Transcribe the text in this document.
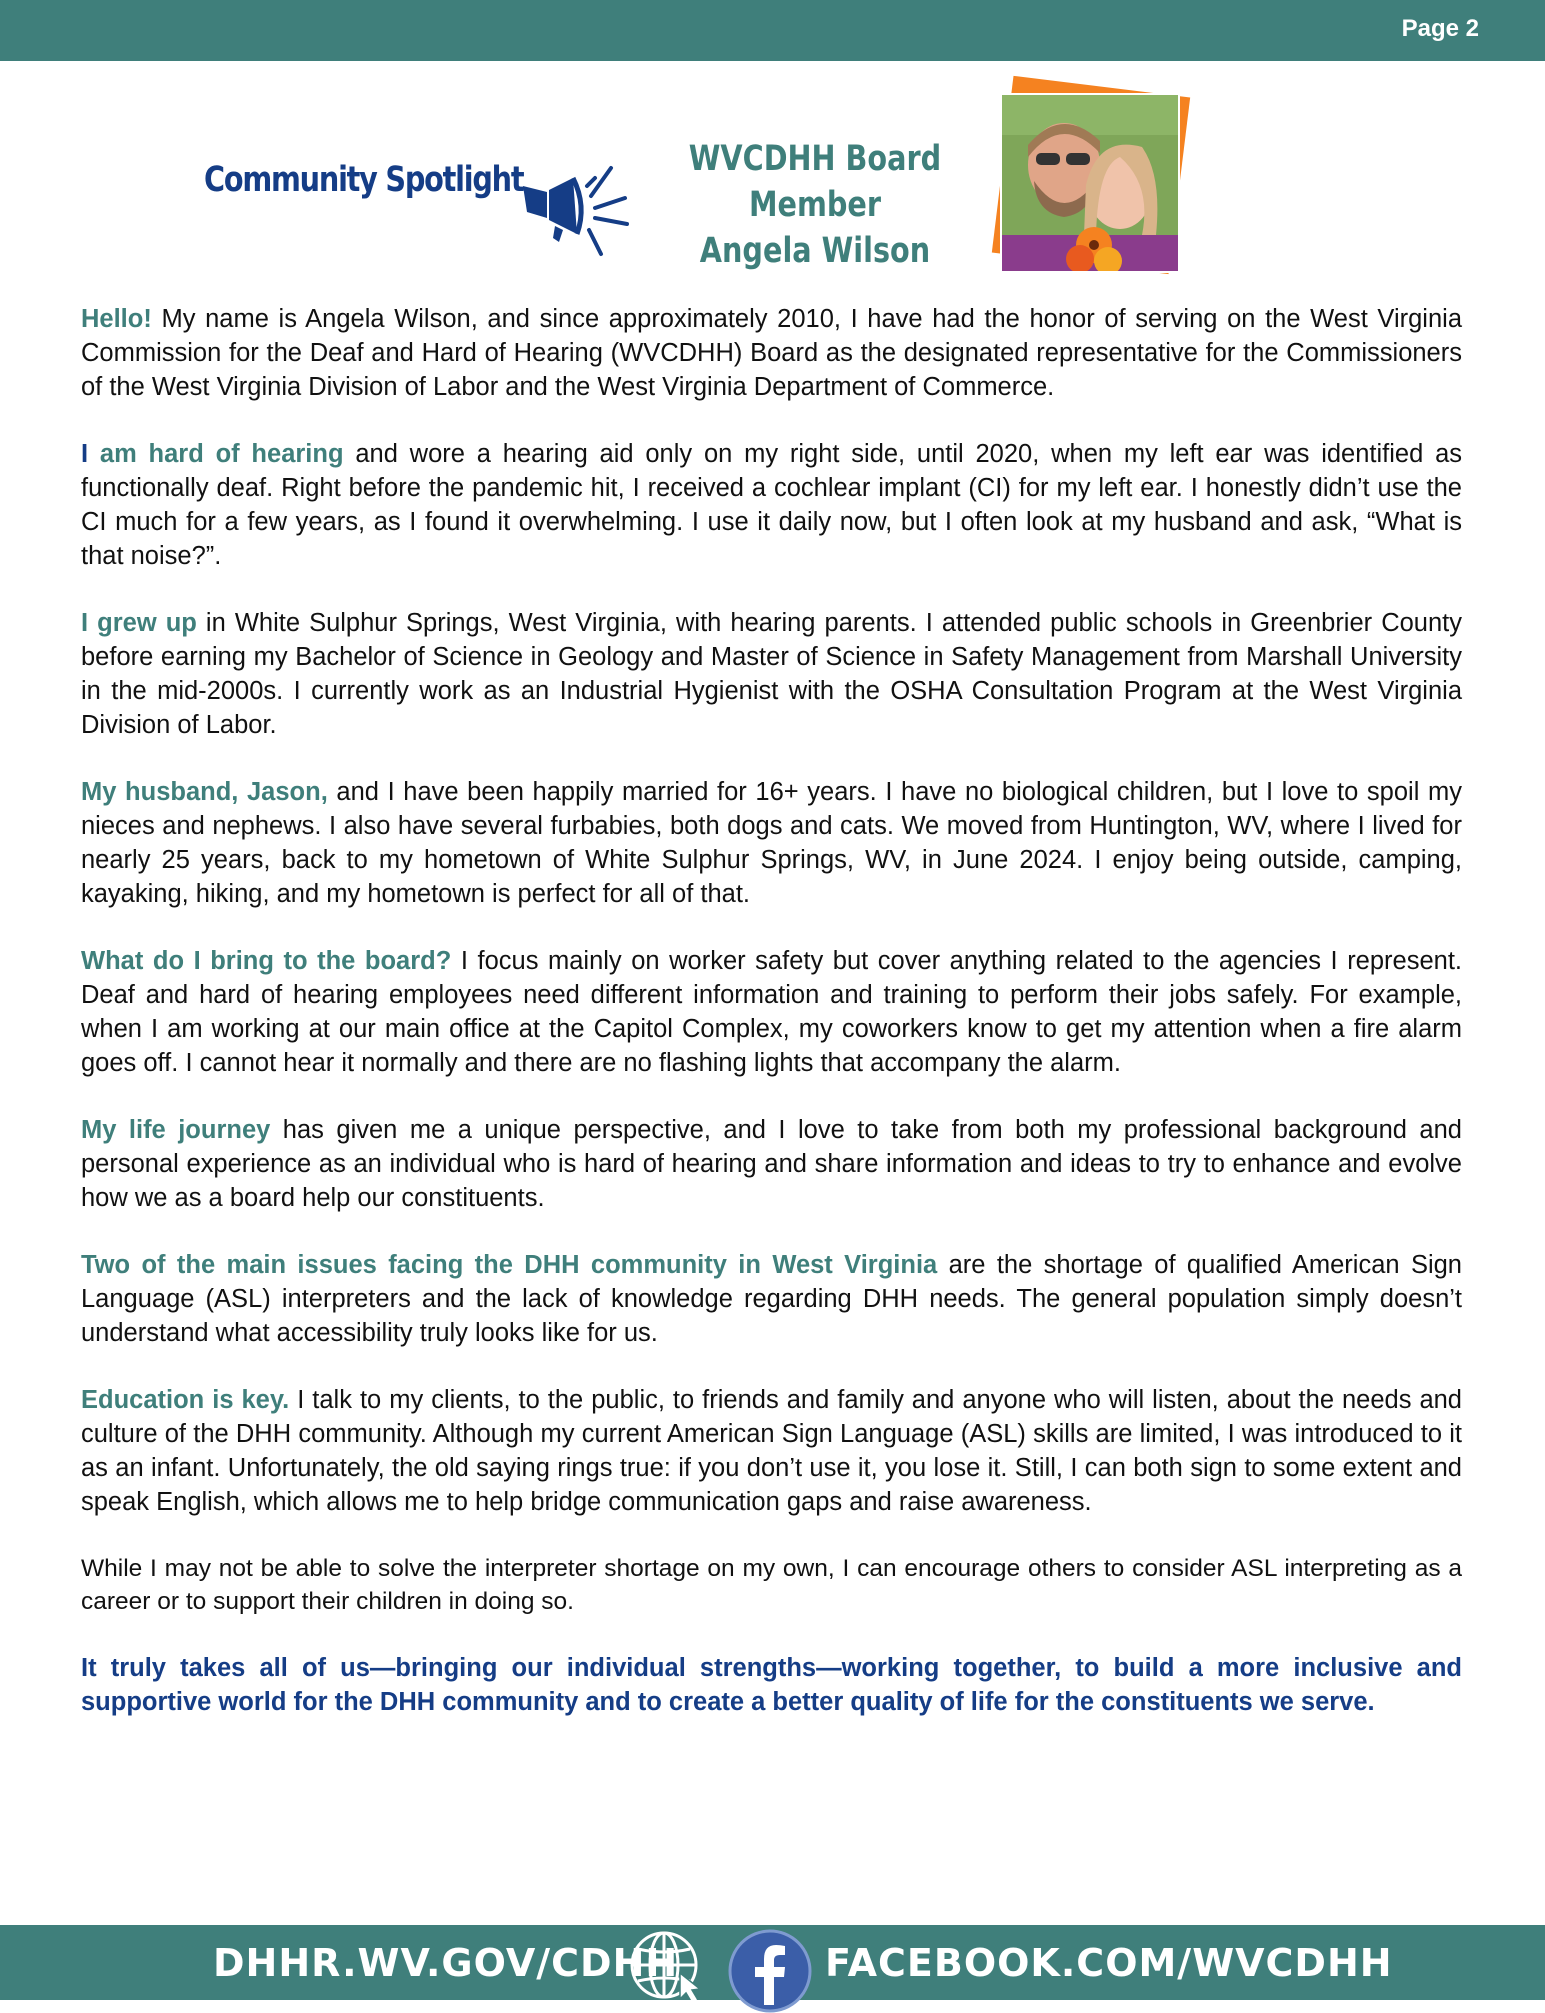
Page 2
Community Spotlight
WVCDHH Board Member
Angela Wilson

Hello! My name is Angela Wilson, and since approximately 2010, I have had the honor of serving on the West Virginia Commission for the Deaf and Hard of Hearing (WVCDHH) Board as the designated representative for the Commissioners of the West Virginia Division of Labor and the West Virginia Department of Commerce.

I am hard of hearing and wore a hearing aid only on my right side, until 2020, when my left ear was identified as functionally deaf. Right before the pandemic hit, I received a cochlear implant (CI) for my left ear. I honestly didn’t use the CI much for a few years, as I found it overwhelming. I use it daily now, but I often look at my husband and ask, “What is that noise?”.

I grew up in White Sulphur Springs, West Virginia, with hearing parents. I attended public schools in Greenbrier County before earning my Bachelor of Science in Geology and Master of Science in Safety Management from Marshall University in the mid-2000s. I currently work as an Industrial Hygienist with the OSHA Consultation Program at the West Virginia Division of Labor.

My husband, Jason, and I have been happily married for 16+ years. I have no biological children, but I love to spoil my nieces and nephews. I also have several furbabies, both dogs and cats. We moved from Huntington, WV, where I lived for nearly 25 years, back to my hometown of White Sulphur Springs, WV, in June 2024. I enjoy being outside, camping, kayaking, hiking, and my hometown is perfect for all of that.

What do I bring to the board? I focus mainly on worker safety but cover anything related to the agencies I represent. Deaf and hard of hearing employees need different information and training to perform their jobs safely. For example, when I am working at our main office at the Capitol Complex, my coworkers know to get my attention when a fire alarm goes off. I cannot hear it normally and there are no flashing lights that accompany the alarm.

My life journey has given me a unique perspective, and I love to take from both my professional background and personal experience as an individual who is hard of hearing and share information and ideas to try to enhance and evolve how we as a board help our constituents.

Two of the main issues facing the DHH community in West Virginia are the shortage of qualified American Sign Language (ASL) interpreters and the lack of knowledge regarding DHH needs. The general population simply doesn’t understand what accessibility truly looks like for us.

Education is key. I talk to my clients, to the public, to friends and family and anyone who will listen, about the needs and culture of the DHH community. Although my current American Sign Language (ASL) skills are limited, I was introduced to it as an infant. Unfortunately, the old saying rings true: if you don’t use it, you lose it. Still, I can both sign to some extent and speak English, which allows me to help bridge communication gaps and raise awareness.

While I may not be able to solve the interpreter shortage on my own, I can encourage others to consider ASL interpreting as a career or to support their children in doing so.

It truly takes all of us—bringing our individual strengths—working together, to build a more inclusive and supportive world for the DHH community and to create a better quality of life for the constituents we serve.

DHHR.WV.GOV/CDHH	FACEBOOK.COM/WVCDHH
